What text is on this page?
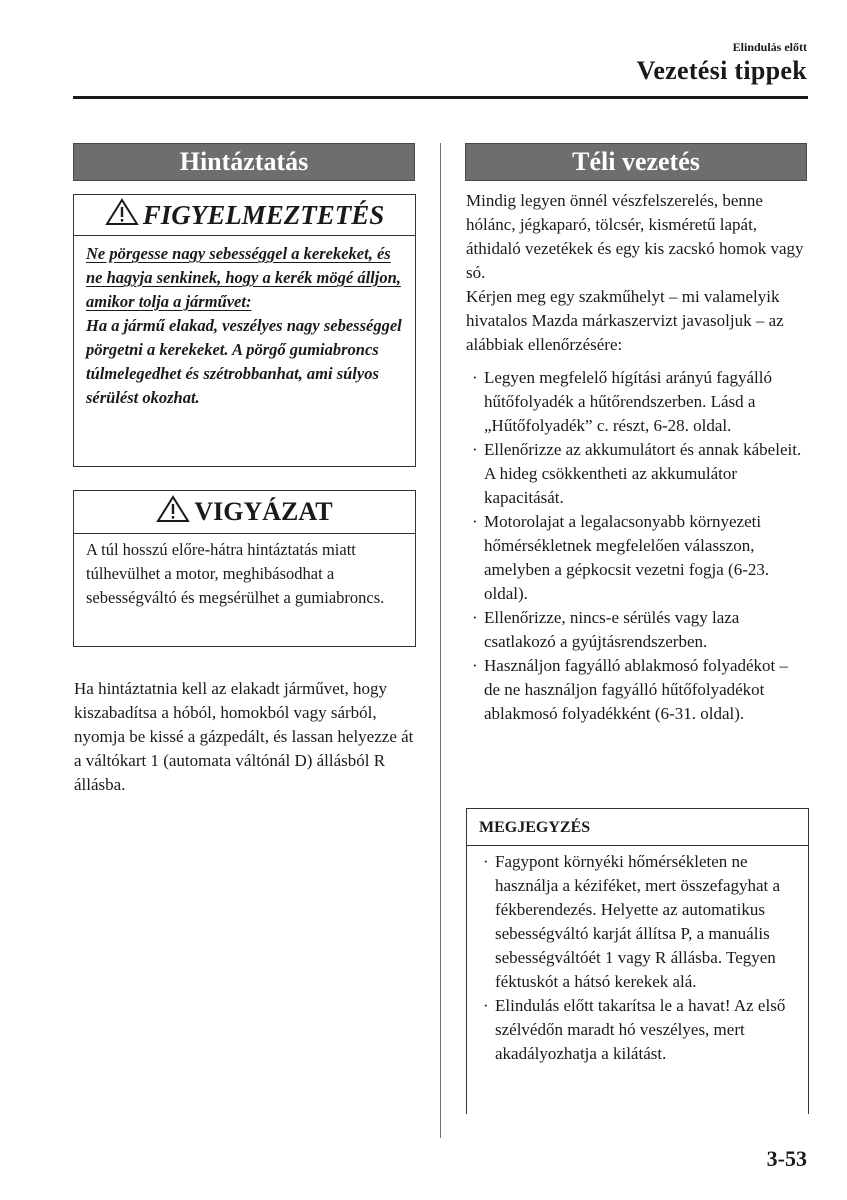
Elindulás előtt
Vezetési tippek
Hintáztatás
FIGYELMEZTETÉS
Ne pörgesse nagy sebességgel a kerekeket, és ne hagyja senkinek, hogy a kerék mögé álljon, amikor tolja a járművet:
Ha a jármű elakad, veszélyes nagy sebességgel pörgetni a kerekeket. A pörgő gumiabroncs túlmelegedhet és szétrobbanhat, ami súlyos sérülést okozhat.
VIGYÁZAT
A túl hosszú előre-hátra hintáztatás miatt túlhevülhet a motor, meghibásodhat a sebességváltó és megsérülhet a gumiabroncs.
Ha hintáztatnia kell az elakadt járművet, hogy kiszabadítsa a hóból, homokból vagy sárból, nyomja be kissé a gázpedált, és lassan helyezze át a váltókart 1 (automata váltónál D) állásból R állásba.
Téli vezetés
Mindig legyen önnél vészfelszerelés, benne hólánc, jégkaparó, tölcsér, kisméretű lapát, áthidaló vezetékek és egy kis zacskó homok vagy só.
Kérjen meg egy szakműhelyt – mi valamelyik hivatalos Mazda márkaszervizt javasoljuk – az alábbiak ellenőrzésére:
· Legyen megfelelő hígítási arányú fagyálló hűtőfolyadék a hűtőrendszerben. Lásd a „Hűtőfolyadék” c. részt, 6-28. oldal.
· Ellenőrizze az akkumulátort és annak kábeleit. A hideg csökkentheti az akkumulátor kapacitását.
· Motorolajat a legalacsonyabb környezeti hőmérsékletnek megfelelően válasszon, amelyben a gépkocsit vezetni fogja (6-23. oldal).
· Ellenőrizze, nincs-e sérülés vagy laza csatlakozó a gyújtásrendszerben.
· Használjon fagyálló ablakmosó folyadékot – de ne használjon fagyálló hűtőfolyadékot ablakmosó folyadékként (6-31. oldal).
MEGJEGYZÉS
· Fagypont környéki hőmérsékleten ne használja a kéziféket, mert összefagyhat a fékberendezés. Helyette az automatikus sebességváltó karját állítsa P, a manuális sebességváltóét 1 vagy R állásba. Tegyen féktuskót a hátsó kerekek alá.
· Elindulás előtt takarítsa le a havat! Az első szélvédőn maradt hó veszélyes, mert akadályozhatja a kilátást.
3-53
